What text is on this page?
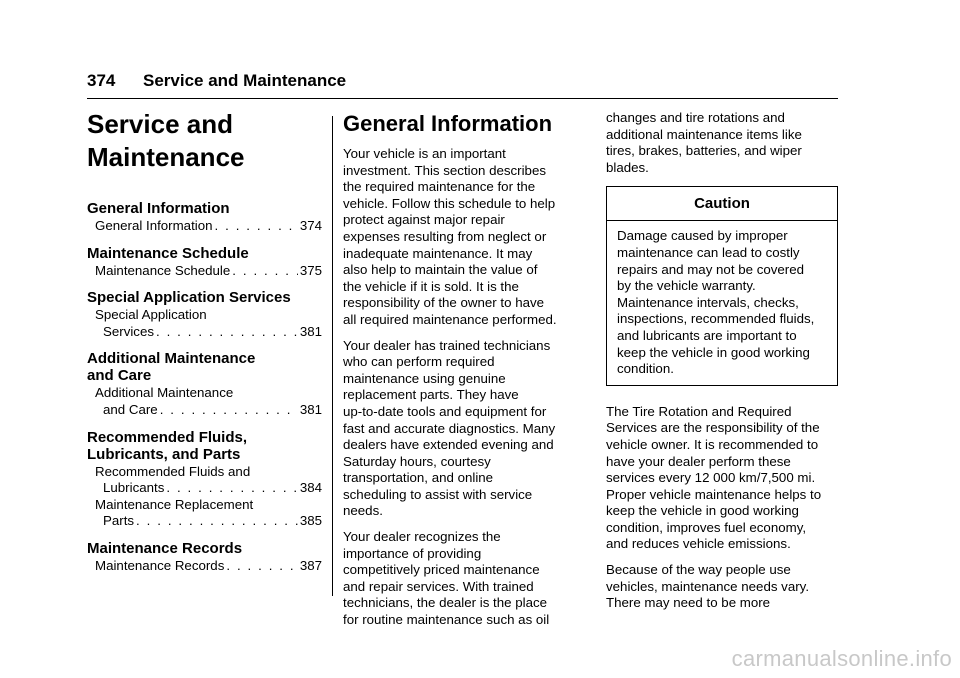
374 Service and Maintenance
Service and
Maintenance
General Information
General Information . . .	374
Maintenance Schedule
Maintenance Schedule . . .	375
Special Application Services
Special Application
Services . . .	381
Additional Maintenance
and Care
Additional Maintenance
and Care . . .	381
Recommended Fluids,
Lubricants, and Parts
Recommended Fluids and
Lubricants . . .	384
Maintenance Replacement
Parts . . .	385
Maintenance Records
Maintenance Records . . .	387
General Information
Your vehicle is an important
investment. This section describes
the required maintenance for the
vehicle. Follow this schedule to help
protect against major repair
expenses resulting from neglect or
inadequate maintenance. It may
also help to maintain the value of
the vehicle if it is sold. It is the
responsibility of the owner to have
all required maintenance performed.
Your dealer has trained technicians
who can perform required
maintenance using genuine
replacement parts. They have
up-to-date tools and equipment for
fast and accurate diagnostics. Many
dealers have extended evening and
Saturday hours, courtesy
transportation, and online
scheduling to assist with service
needs.
Your dealer recognizes the
importance of providing
competitively priced maintenance
and repair services. With trained
technicians, the dealer is the place
for routine maintenance such as oil
changes and tire rotations and
additional maintenance items like
tires, brakes, batteries, and wiper
blades.
Caution
Damage caused by improper
maintenance can lead to costly
repairs and may not be covered
by the vehicle warranty.
Maintenance intervals, checks,
inspections, recommended fluids,
and lubricants are important to
keep the vehicle in good working
condition.
The Tire Rotation and Required
Services are the responsibility of the
vehicle owner. It is recommended to
have your dealer perform these
services every 12 000 km/7,500 mi.
Proper vehicle maintenance helps to
keep the vehicle in good working
condition, improves fuel economy,
and reduces vehicle emissions.
Because of the way people use
vehicles, maintenance needs vary.
There may need to be more
carmanualsonline.info
